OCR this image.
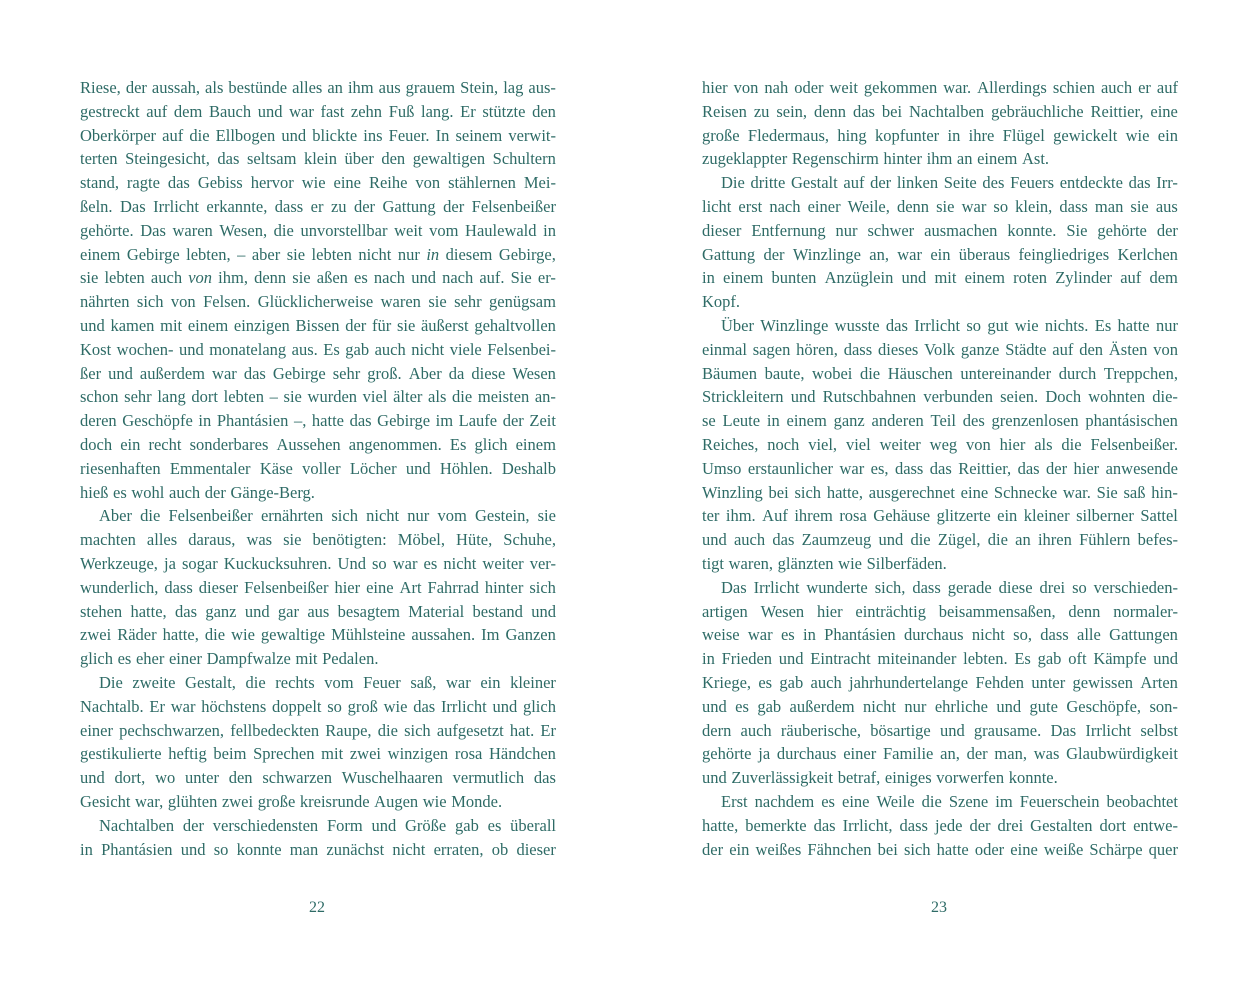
Riese, der aussah, als bestünde alles an ihm aus grauem Stein, lag aus-
gestreckt auf dem Bauch und war fast zehn Fuß lang. Er stützte den
Oberkörper auf die Ellbogen und blickte ins Feuer. In seinem verwit-
terten Steingesicht, das seltsam klein über den gewaltigen Schultern
stand, ragte das Gebiss hervor wie eine Reihe von stählernen Mei-
ßeln. Das Irrlicht erkannte, dass er zu der Gattung der Felsenbeißer
gehörte. Das waren Wesen, die unvorstellbar weit vom Haulewald in
einem Gebirge lebten, – aber sie lebten nicht nur in diesem Gebirge,
sie lebten auch von ihm, denn sie aßen es nach und nach auf. Sie er-
nährten sich von Felsen. Glücklicherweise waren sie sehr genügsam
und kamen mit einem einzigen Bissen der für sie äußerst gehaltvollen
Kost wochen- und monatelang aus. Es gab auch nicht viele Felsenbei-
ßer und außerdem war das Gebirge sehr groß. Aber da diese Wesen
schon sehr lang dort lebten – sie wurden viel älter als die meisten an-
deren Geschöpfe in Phantásien –, hatte das Gebirge im Laufe der Zeit
doch ein recht sonderbares Aussehen angenommen. Es glich einem
riesenhaften Emmentaler Käse voller Löcher und Höhlen. Deshalb
hieß es wohl auch der Gänge-Berg.
Aber die Felsenbeißer ernährten sich nicht nur vom Gestein, sie
machten alles daraus, was sie benötigten: Möbel, Hüte, Schuhe,
Werkzeuge, ja sogar Kuckucksuhren. Und so war es nicht weiter ver-
wunderlich, dass dieser Felsenbeißer hier eine Art Fahrrad hinter sich
stehen hatte, das ganz und gar aus besagtem Material bestand und
zwei Räder hatte, die wie gewaltige Mühlsteine aussahen. Im Ganzen
glich es eher einer Dampfwalze mit Pedalen.
Die zweite Gestalt, die rechts vom Feuer saß, war ein kleiner
Nachtalb. Er war höchstens doppelt so groß wie das Irrlicht und glich
einer pechschwarzen, fellbedeckten Raupe, die sich aufgesetzt hat. Er
gestikulierte heftig beim Sprechen mit zwei winzigen rosa Händchen
und dort, wo unter den schwarzen Wuschelhaaren vermutlich das
Gesicht war, glühten zwei große kreisrunde Augen wie Monde.
Nachtalben der verschiedensten Form und Größe gab es überall
in Phantásien und so konnte man zunächst nicht erraten, ob dieser
hier von nah oder weit gekommen war. Allerdings schien auch er auf
Reisen zu sein, denn das bei Nachtalben gebräuchliche Reittier, eine
große Fledermaus, hing kopfunter in ihre Flügel gewickelt wie ein
zugeklappter Regenschirm hinter ihm an einem Ast.
Die dritte Gestalt auf der linken Seite des Feuers entdeckte das Irr-
licht erst nach einer Weile, denn sie war so klein, dass man sie aus
dieser Entfernung nur schwer ausmachen konnte. Sie gehörte der
Gattung der Winzlinge an, war ein überaus feingliedriges Kerlchen
in einem bunten Anzüglein und mit einem roten Zylinder auf dem
Kopf.
Über Winzlinge wusste das Irrlicht so gut wie nichts. Es hatte nur
einmal sagen hören, dass dieses Volk ganze Städte auf den Ästen von
Bäumen baute, wobei die Häuschen untereinander durch Treppchen,
Strickleitern und Rutschbahnen verbunden seien. Doch wohnten die-
se Leute in einem ganz anderen Teil des grenzenlosen phantásischen
Reiches, noch viel, viel weiter weg von hier als die Felsenbeißer.
Umso erstaunlicher war es, dass das Reittier, das der hier anwesende
Winzling bei sich hatte, ausgerechnet eine Schnecke war. Sie saß hin-
ter ihm. Auf ihrem rosa Gehäuse glitzerte ein kleiner silberner Sattel
und auch das Zaumzeug und die Zügel, die an ihren Fühlern befes-
tigt waren, glänzten wie Silberfäden.
Das Irrlicht wunderte sich, dass gerade diese drei so verschieden-
artigen Wesen hier einträchtig beisammensaßen, denn normaler-
weise war es in Phantásien durchaus nicht so, dass alle Gattungen
in Frieden und Eintracht miteinander lebten. Es gab oft Kämpfe und
Kriege, es gab auch jahrhundertelange Fehden unter gewissen Arten
und es gab außerdem nicht nur ehrliche und gute Geschöpfe, son-
dern auch räuberische, bösartige und grausame. Das Irrlicht selbst
gehörte ja durchaus einer Familie an, der man, was Glaubwürdigkeit
und Zuverlässigkeit betraf, einiges vorwerfen konnte.
Erst nachdem es eine Weile die Szene im Feuerschein beobachtet
hatte, bemerkte das Irrlicht, dass jede der drei Gestalten dort entwe-
der ein weißes Fähnchen bei sich hatte oder eine weiße Schärpe quer
22	23
